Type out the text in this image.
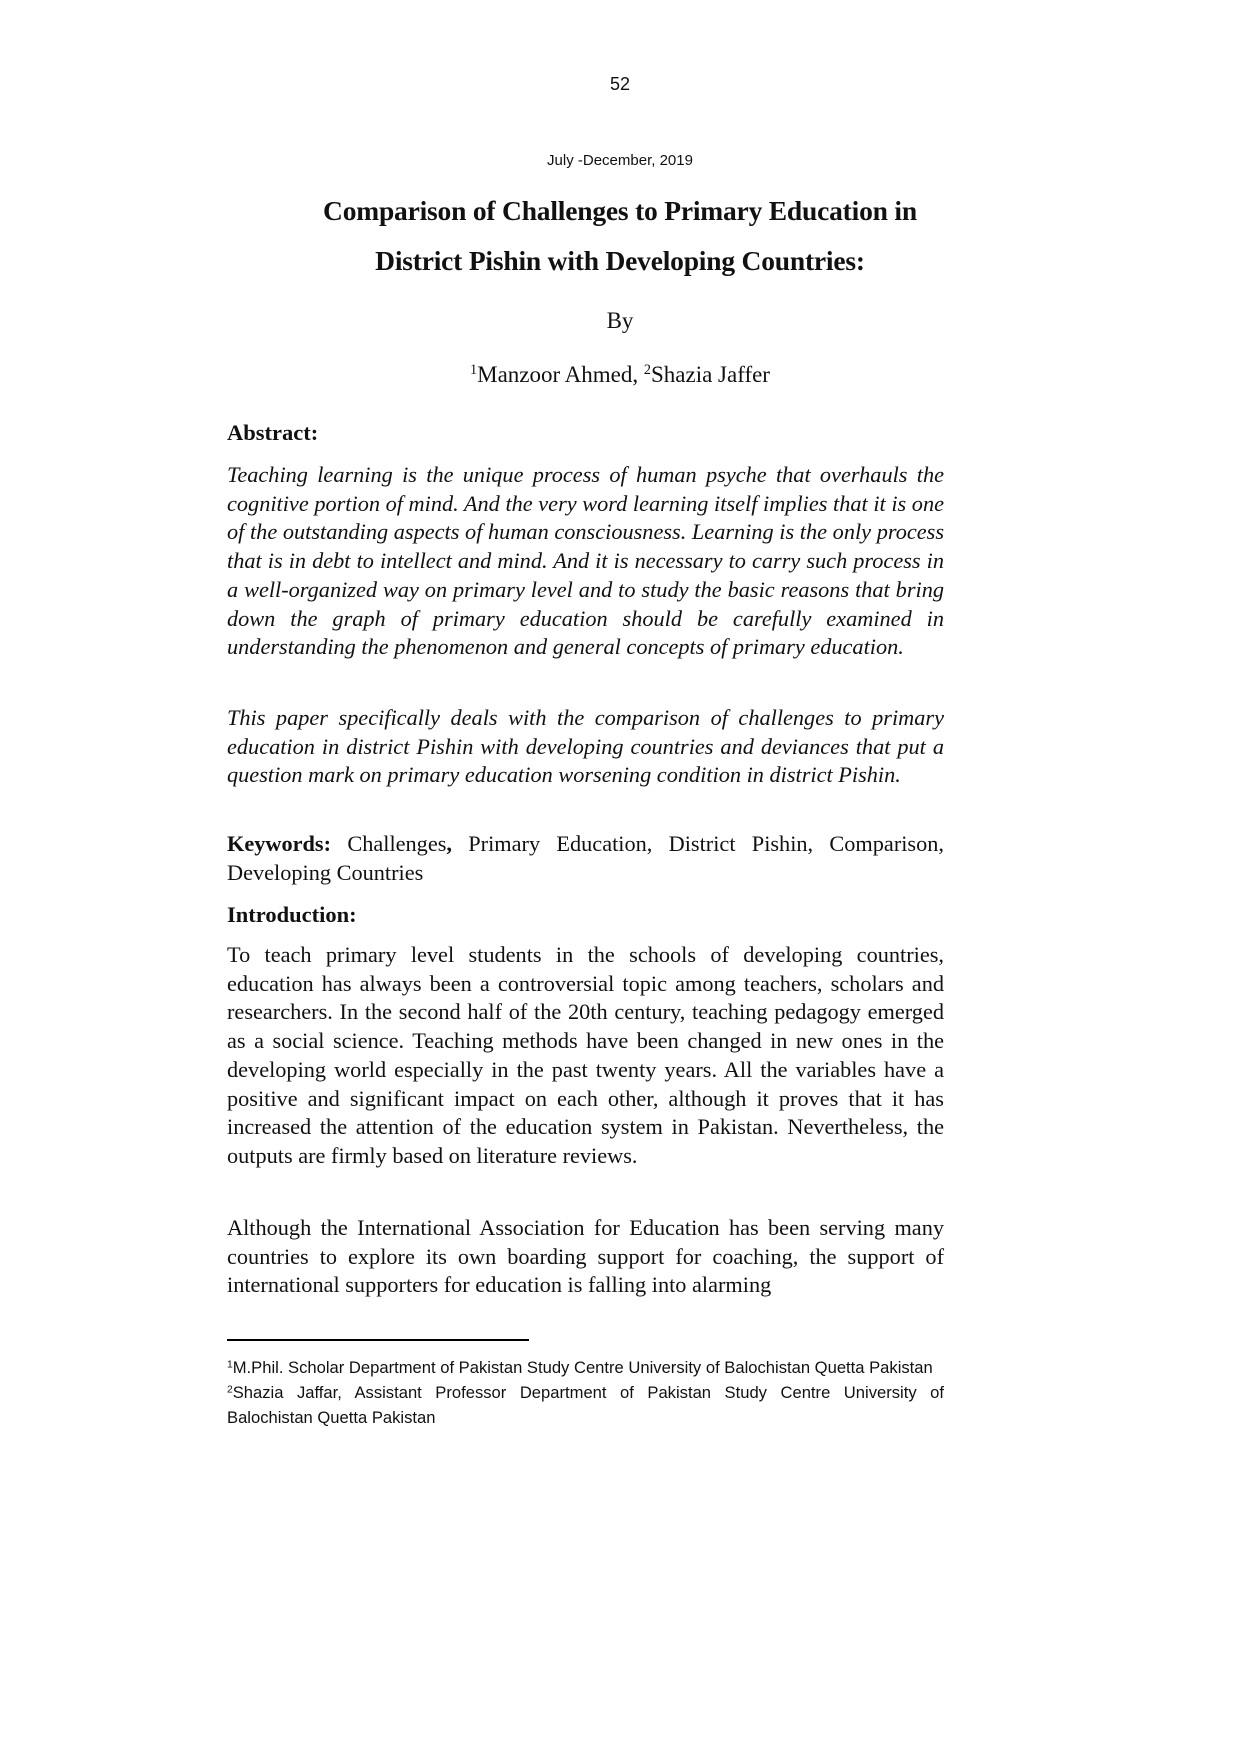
52
July -December, 2019
Comparison of Challenges to Primary Education in
District Pishin with Developing Countries:
By
$^1$Manzoor Ahmed, $^2$Shazia Jaffer
Abstract:

Teaching learning is the unique process of human psyche that overhauls the cognitive portion of mind. And the very word learning itself implies that it is one of the outstanding aspects of human consciousness. Learning is the only process that is in debt to intellect and mind. And it is necessary to carry such process in a well-organized way on primary level and to study the basic reasons that bring down the graph of primary education should be carefully examined in understanding the phenomenon and general concepts of primary education.

This paper specifically deals with the comparison of challenges to primary education in district Pishin with developing countries and deviances that put a question mark on primary education worsening condition in district Pishin.

Keywords: Challenges, Primary Education, District Pishin, Comparison, Developing Countries

Introduction:

To teach primary level students in the schools of developing countries, education has always been a controversial topic among teachers, scholars and researchers. In the second half of the 20th century, teaching pedagogy emerged as a social science. Teaching methods have been changed in new ones in the developing world especially in the past twenty years. All the variables have a positive and significant impact on each other, although it proves that it has increased the attention of the education system in Pakistan. Nevertheless, the outputs are firmly based on literature reviews.

Although the International Association for Education has been serving many countries to explore its own boarding support for coaching, the support of international supporters for education is falling into alarming

$^1$M.Phil. Scholar Department of Pakistan Study Centre University of Balochistan Quetta Pakistan

$^2$Shazia Jaffar, Assistant Professor Department of Pakistan Study Centre University of Balochistan Quetta Pakistan
